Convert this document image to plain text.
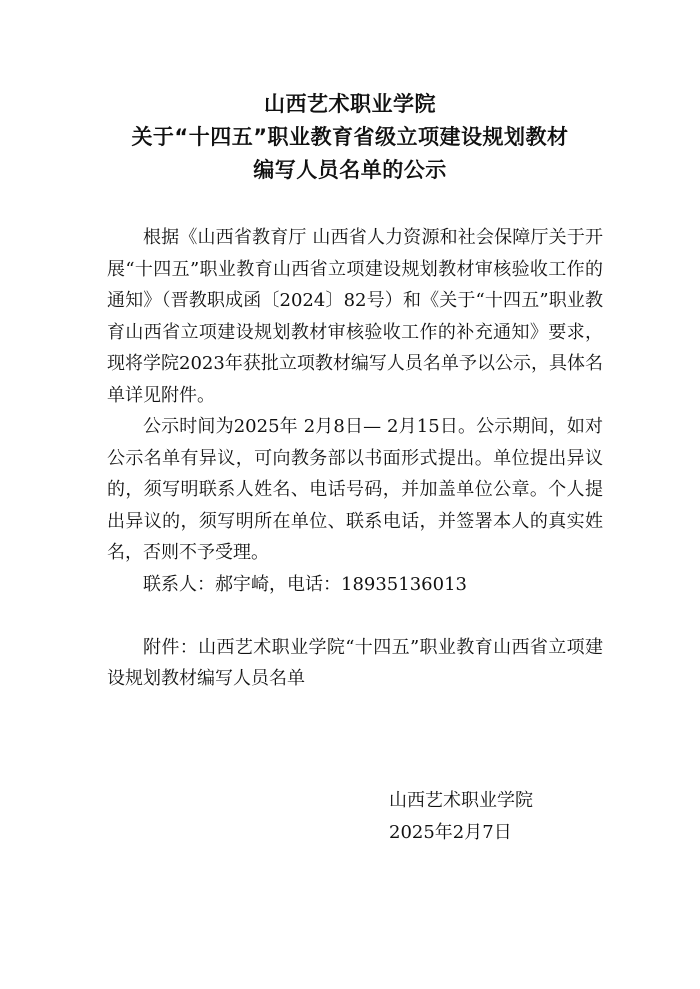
山西艺术职业学院
关于“十四五”职业教育省级立项建设规划教材
编写人员名单的公示

根据《山西省教育厅 山西省人力资源和社会保障厅关于开展“十四五”职业教育山西省立项建设规划教材审核验收工作的通知》（晋教职成函〔2024〕82号）和《关于“十四五”职业教育山西省立项建设规划教材审核验收工作的补充通知》要求，现将学院2023年获批立项教材编写人员名单予以公示，具体名单详见附件。

公示时间为2025年 2月8日— 2月15日。公示期间，如对公示名单有异议，可向教务部以书面形式提出。单位提出异议的，须写明联系人姓名、电话号码，并加盖单位公章。个人提出异议的，须写明所在单位、联系电话，并签署本人的真实姓名，否则不予受理。

联系人：郝宇崎，电话：18935136013

附件：山西艺术职业学院“十四五”职业教育山西省立项建设规划教材编写人员名单

山西艺术职业学院
2025年2月7日
